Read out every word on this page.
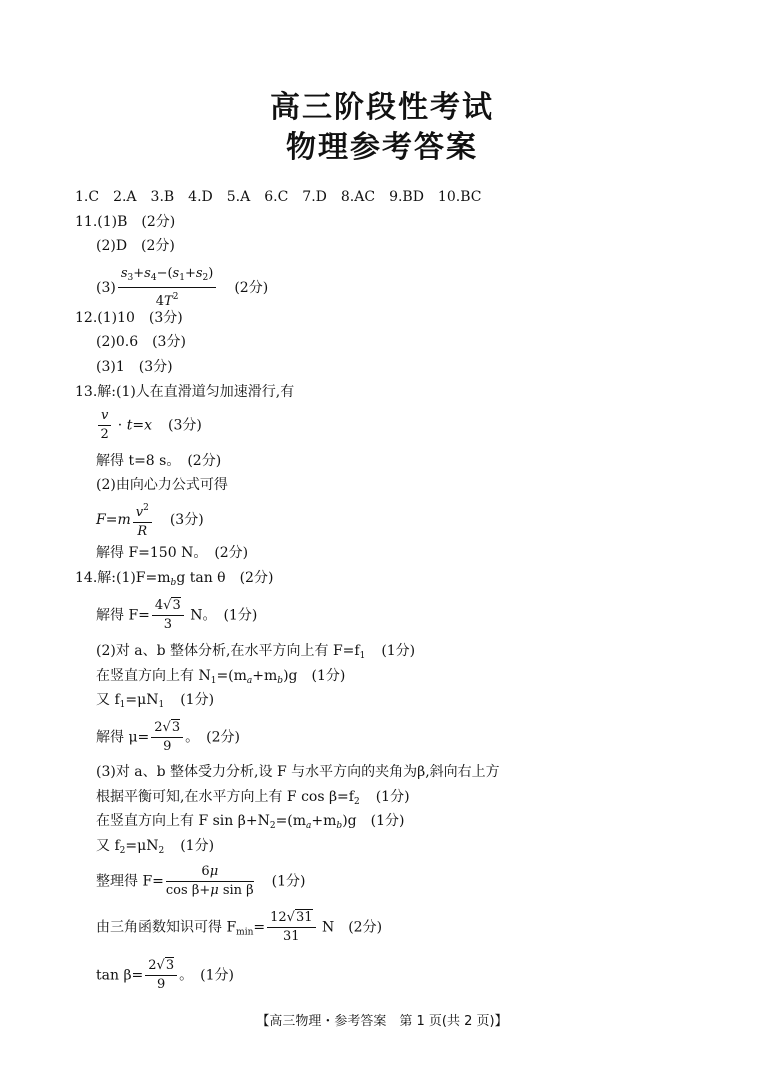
高三阶段性考试
物理参考答案
1.C　2.A　3.B　4.D　5.A　6.C　7.D　8.AC　9.BD　10.BC
11.(1)B　(2分)
(2)D　(2分)
$(3) \frac{s_3+s_4-(s_1+s_2)}{4T^2} (2$分)
12.(1)10　(3分)
(2)0.6　(3分)
(3)1　(3分)
13.解:(1)人在直滑道匀加速滑行,有
$\frac{v}{2} \cdot t=x$ (3分)
解得 t=8 s。　(2分)
(2)由向心力公式可得
$F=m \frac{v^2}{R} (3$分)
解得 F=150 N。　(2分)
14.解$:(1)F=m_bg$ tan θ　(2分)
解得 $F= \frac{4√3}{3}$ N。　(1分)
(2)对 a、b 整体分析,在水平方向上有 $F=f_1$ (1分)
在竖直方向上有 $N_1=(m_a+m_b)g$　(1分)
又 $f_1=\mu N_1$ (1分)
解得 $\mu= \frac{2√3}{9}$ 。　(2分)
(3)对 a、b 整体受力分析,设 F 与水平方向的夹角为β,斜向右上方
根据平衡可知,在水平方向上有 F $\cos \beta=f_2$ (1分)
在竖直方向上有 F $\sin \beta+N_2=(m_a+m_b)g$　(1分)
又 $f_2=\mu N_2$ (1分)
整理得 $F= \frac{6\mu}{\text{cos β+μ sin β}} (1$分)
由三角函数知识可得 $F_{min}= \frac{12√31}{31}$ N　(2分)
$\tan \beta= \frac{2√3}{9}$ 。　(1分)
【高三物理・参考答案　第 1 页(共 2 页)】
